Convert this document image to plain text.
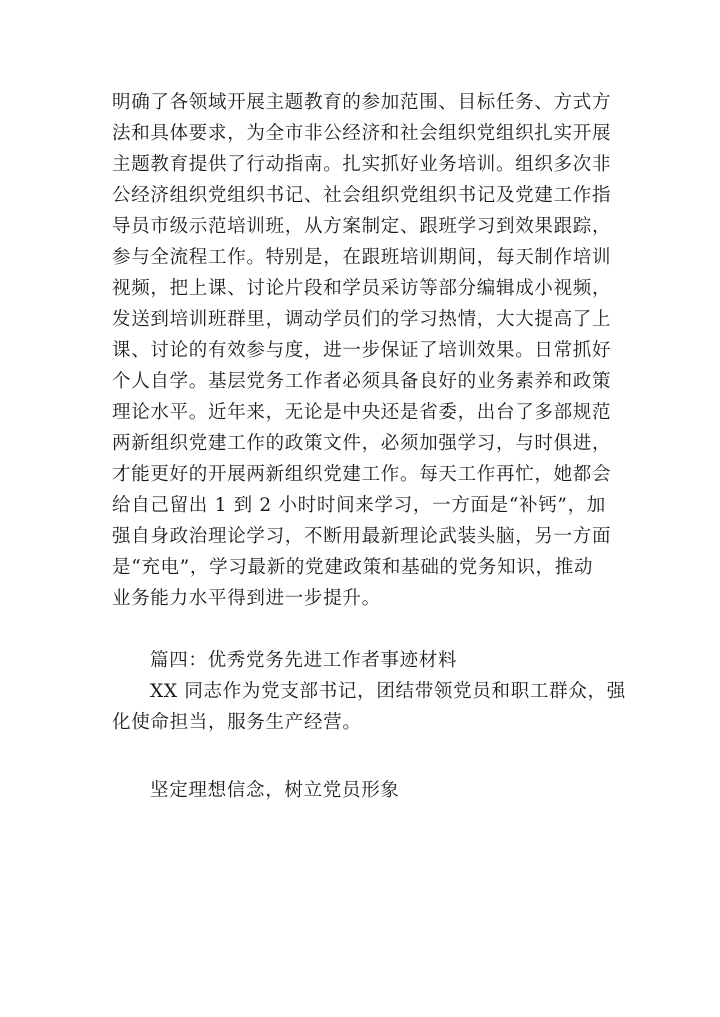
明确了各领域开展主题教育的参加范围、目标任务、方式方
法和具体要求，为全市非公经济和社会组织党组织扎实开展
主题教育提供了行动指南。扎实抓好业务培训。组织多次非
公经济组织党组织书记、社会组织党组织书记及党建工作指
导员市级示范培训班，从方案制定、跟班学习到效果跟踪，
参与全流程工作。特别是，在跟班培训期间，每天制作培训
视频，把上课、讨论片段和学员采访等部分编辑成小视频，
发送到培训班群里，调动学员们的学习热情，大大提高了上
课、讨论的有效参与度，进一步保证了培训效果。日常抓好
个人自学。基层党务工作者必须具备良好的业务素养和政策
理论水平。近年来，无论是中央还是省委，出台了多部规范
两新组织党建工作的政策文件，必须加强学习，与时俱进，
才能更好的开展两新组织党建工作。每天工作再忙，她都会
给自己留出 1 到 2 小时时间来学习，一方面是“补钙”，加
强自身政治理论学习，不断用最新理论武装头脑，另一方面
是“充电”，学习最新的党建政策和基础的党务知识，推动
业务能力水平得到进一步提升。
篇四：优秀党务先进工作者事迹材料
XX 同志作为党支部书记，团结带领党员和职工群众，强
化使命担当，服务生产经营。
坚定理想信念，树立党员形象
